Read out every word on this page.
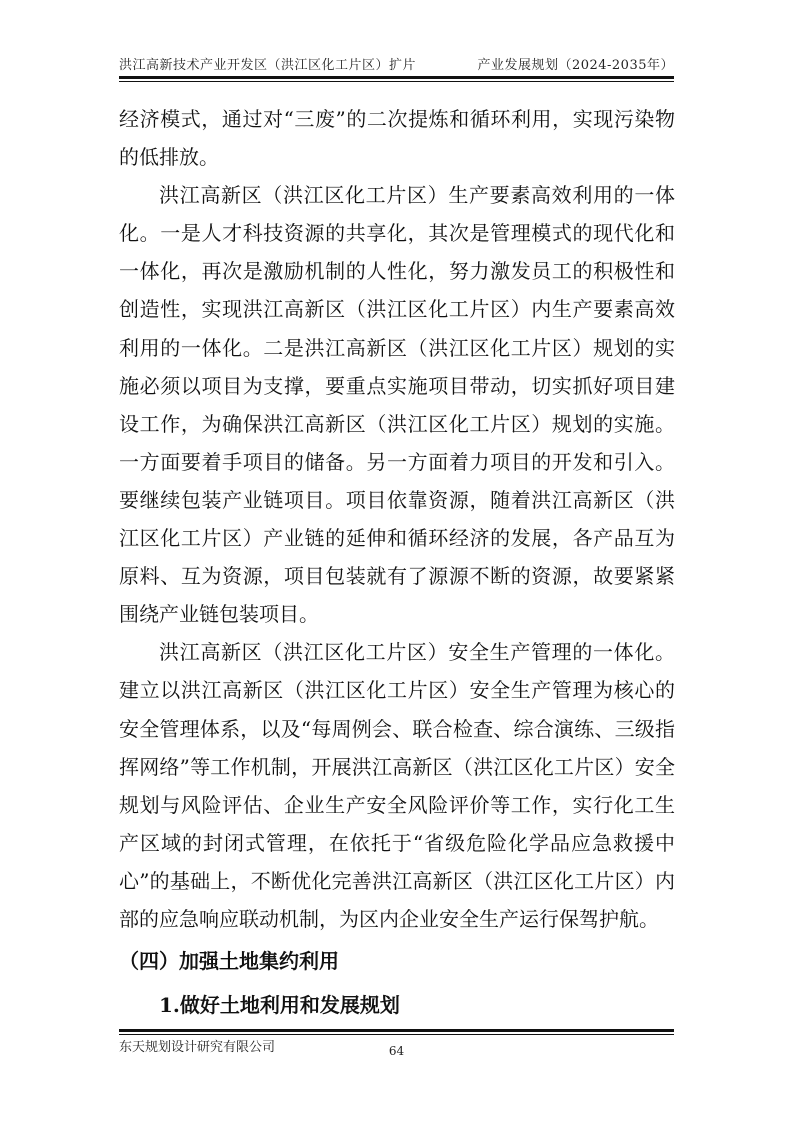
洪江高新技术产业开发区（洪江区化工片区）扩片	产业发展规划（2024-2035年）

经济模式，通过对“三废”的二次提炼和循环利用，实现污染物的低排放。

洪江高新区（洪江区化工片区）生产要素高效利用的一体化。一是人才科技资源的共享化，其次是管理模式的现代化和一体化，再次是激励机制的人性化，努力激发员工的积极性和创造性，实现洪江高新区（洪江区化工片区）内生产要素高效利用的一体化。二是洪江高新区（洪江区化工片区）规划的实施必须以项目为支撑，要重点实施项目带动，切实抓好项目建设工作，为确保洪江高新区（洪江区化工片区）规划的实施。一方面要着手项目的储备。另一方面着力项目的开发和引入。要继续包装产业链项目。项目依靠资源，随着洪江高新区（洪江区化工片区）产业链的延伸和循环经济的发展，各产品互为原料、互为资源，项目包装就有了源源不断的资源，故要紧紧围绕产业链包装项目。

洪江高新区（洪江区化工片区）安全生产管理的一体化。建立以洪江高新区（洪江区化工片区）安全生产管理为核心的安全管理体系，以及“每周例会、联合检查、综合演练、三级指挥网络”等工作机制，开展洪江高新区（洪江区化工片区）安全规划与风险评估、企业生产安全风险评价等工作，实行化工生产区域的封闭式管理，在依托于“省级危险化学品应急救援中心”的基础上，不断优化完善洪江高新区（洪江区化工片区）内部的应急响应联动机制，为区内企业安全生产运行保驾护航。

（四）加强土地集约利用
1.做好土地利用和发展规划
东天规划设计研究有限公司	64
